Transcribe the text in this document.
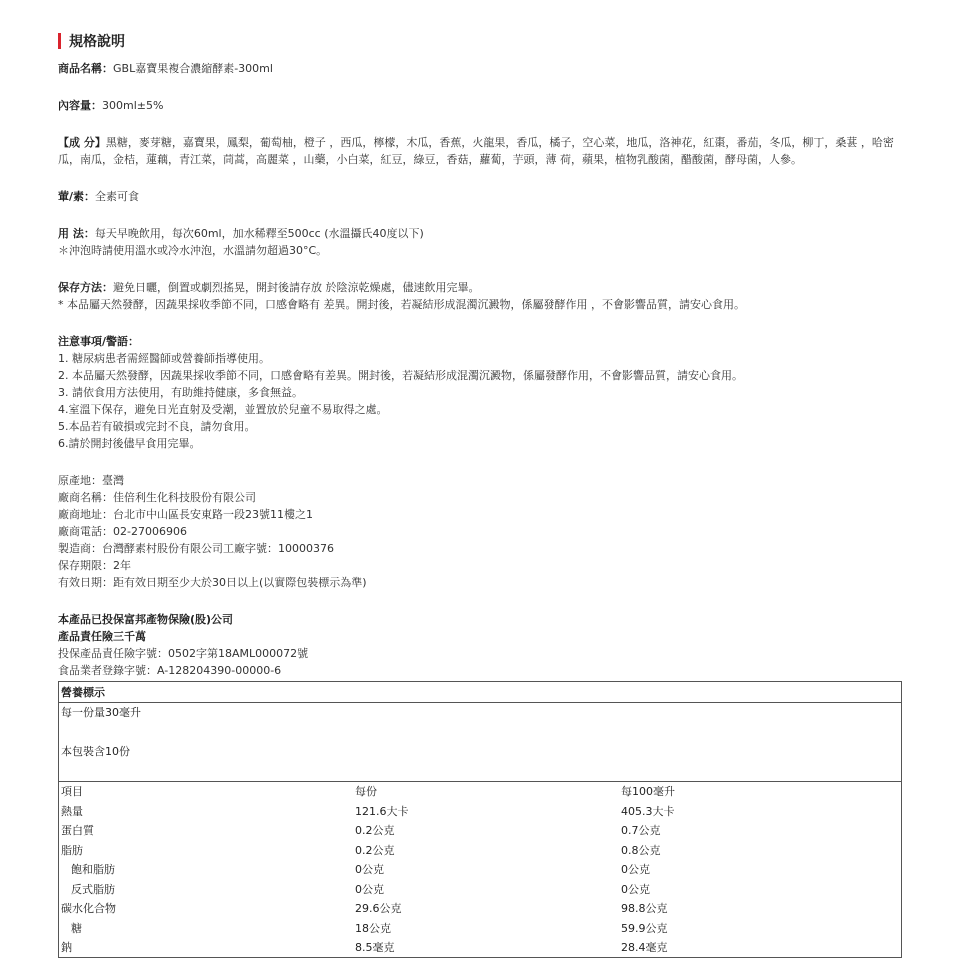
規格說明
商品名稱：GBL嘉寶果複合濃縮酵素-300ml
內容量：300ml±5%
【成 分】黑糖，麥芽糖，嘉寶果，鳳梨，葡萄柚，橙子 ，西瓜，檸檬，木瓜，香蕉，火龍果，香瓜，橘子，空心菜，地瓜，洛神花，紅棗，番茄，冬瓜，柳丁，桑葚 ，哈密瓜，南瓜，金桔，蓮藕，青江菜，茼蒿，高麗菜 ，山藥，小白菜，紅豆，綠豆，香菇，蘿蔔，芋頭，薄 荷，蘋果，植物乳酸菌，醋酸菌，酵母菌，人參。
葷/素：全素可食
用 法：每天早晚飲用，每次60ml，加水稀釋至500cc (水溫攝氏40度以下)
＊沖泡時請使用溫水或冷水沖泡，水溫請勿超過30°C。
保存方法：避免日曬，倒置或劇烈搖晃，開封後請存放 於陰涼乾燥處，儘速飲用完畢。
* 本品屬天然發酵，因蔬果採收季節不同，口感會略有 差異。開封後，若凝結形成混濁沉澱物，係屬發酵作用 ，不會影響品質，請安心食用。
注意事項/警語：
1. 糖尿病患者需經醫師或營養師指導使用。
2. 本品屬天然發酵，因蔬果採收季節不同，口感會略有差異。開封後，若凝結形成混濁沉澱物，係屬發酵作用，不會影響品質，請安心食用。
3. 請依食用方法使用，有助維持健康，多食無益。
4.室溫下保存，避免日光直射及受潮，並置放於兒童不易取得之處。
5.本品若有破損或完封不良，請勿食用。
6.請於開封後儘早食用完畢。
原產地：臺灣
廠商名稱：佳倍利生化科技股份有限公司
廠商地址：台北市中山區長安東路一段23號11樓之1
廠商電話：02-27006906
製造商：台灣酵素村股份有限公司工廠字號：10000376
保存期限：2年
有效日期：距有效日期至少大於30日以上(以實際包裝標示為準)
本產品已投保富邦產物保險(股)公司
產品責任險三千萬
投保產品責任險字號：0502字第18AML000072號
食品業者登錄字號：A-128204390-00000-6
營養標示
每一份量30毫升
本包裝含10份
項目	每份	每100毫升
熱量	121.6大卡	405.3大卡
蛋白質	0.2公克	0.7公克
脂肪	0.2公克	0.8公克
飽和脂肪	0公克	0公克
反式脂肪	0公克	0公克
碳水化合物	29.6公克	98.8公克
糖	18公克	59.9公克
鈉	8.5毫克	28.4毫克
